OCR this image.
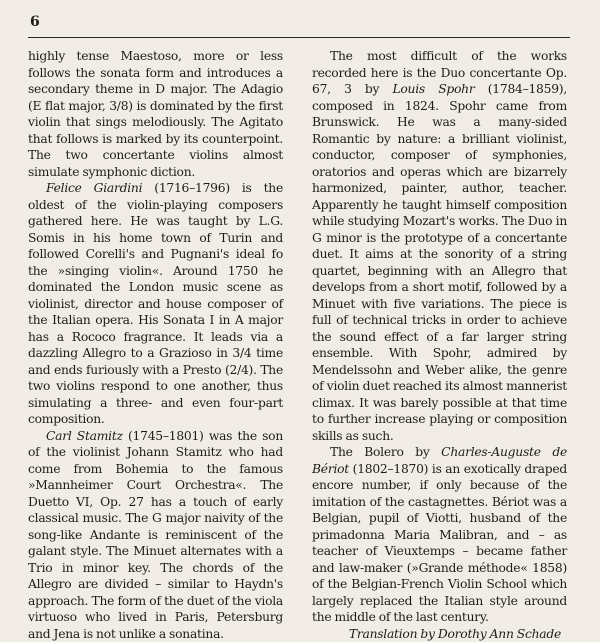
6

highly tense Maestoso, more or less follows the sonata form and introduces a secondary theme in D major. The Adagio (E flat major, 3/8) is dominated by the first violin that sings melodiously. The Agitato that follows is marked by its counterpoint. The two concertante violins almost simulate symphonic diction.

Felice Giardini (1716–1796) is the oldest of the violin-playing composers gathered here. He was taught by L.G. Somis in his home town of Turin and followed Corelli's and Pugnani's ideal fo the »singing violin«. Around 1750 he dominated the London music scene as violinist, director and house composer of the Italian opera. His Sonata I in A major has a Rococo fragrance. It leads via a dazzling Allegro to a Grazioso in 3/4 time and ends furiously with a Presto (2/4). The two violins respond to one another, thus simulating a three- and even four-part composition.

Carl Stamitz (1745–1801) was the son of the violinist Johann Stamitz who had come from Bohemia to the famous »Mannheimer Court Orchestra«. The Duetto VI, Op. 27 has a touch of early classical music. The G major naivity of the song-like Andante is reminiscent of the galant style. The Minuet alternates with a Trio in minor key. The chords of the Allegro are divided – similar to Haydn's approach. The form of the duet of the viola virtuoso who lived in Paris, Petersburg and Jena is not unlike a sonatina.

The most difficult of the works recorded here is the Duo concertante Op. 67, 3 by Louis Spohr (1784–1859), composed in 1824. Spohr came from Brunswick. He was a many-sided Romantic by nature: a brilliant violinist, conductor, composer of symphonies, oratorios and operas which are bizarrely harmonized, painter, author, teacher. Apparently he taught himself composition while studying Mozart's works. The Duo in G minor is the prototype of a concertante duet. It aims at the sonority of a string quartet, beginning with an Allegro that develops from a short motif, followed by a Minuet with five variations. The piece is full of technical tricks in order to achieve the sound effect of a far larger string ensemble. With Spohr, admired by Mendelssohn and Weber alike, the genre of violin duet reached its almost mannerist climax. It was barely possible at that time to further increase playing or composition skills as such.

The Bolero by Charles-Auguste de Bériot (1802–1870) is an exotically draped encore number, if only because of the imitation of the castagnettes. Bériot was a Belgian, pupil of Viotti, husband of the primadonna Maria Malibran, and – as teacher of Vieuxtemps – became father and law-maker (»Grande méthode« 1858) of the Belgian-French Violin School which largely replaced the Italian style around the middle of the last century.

Translation by Dorothy Ann Schade
